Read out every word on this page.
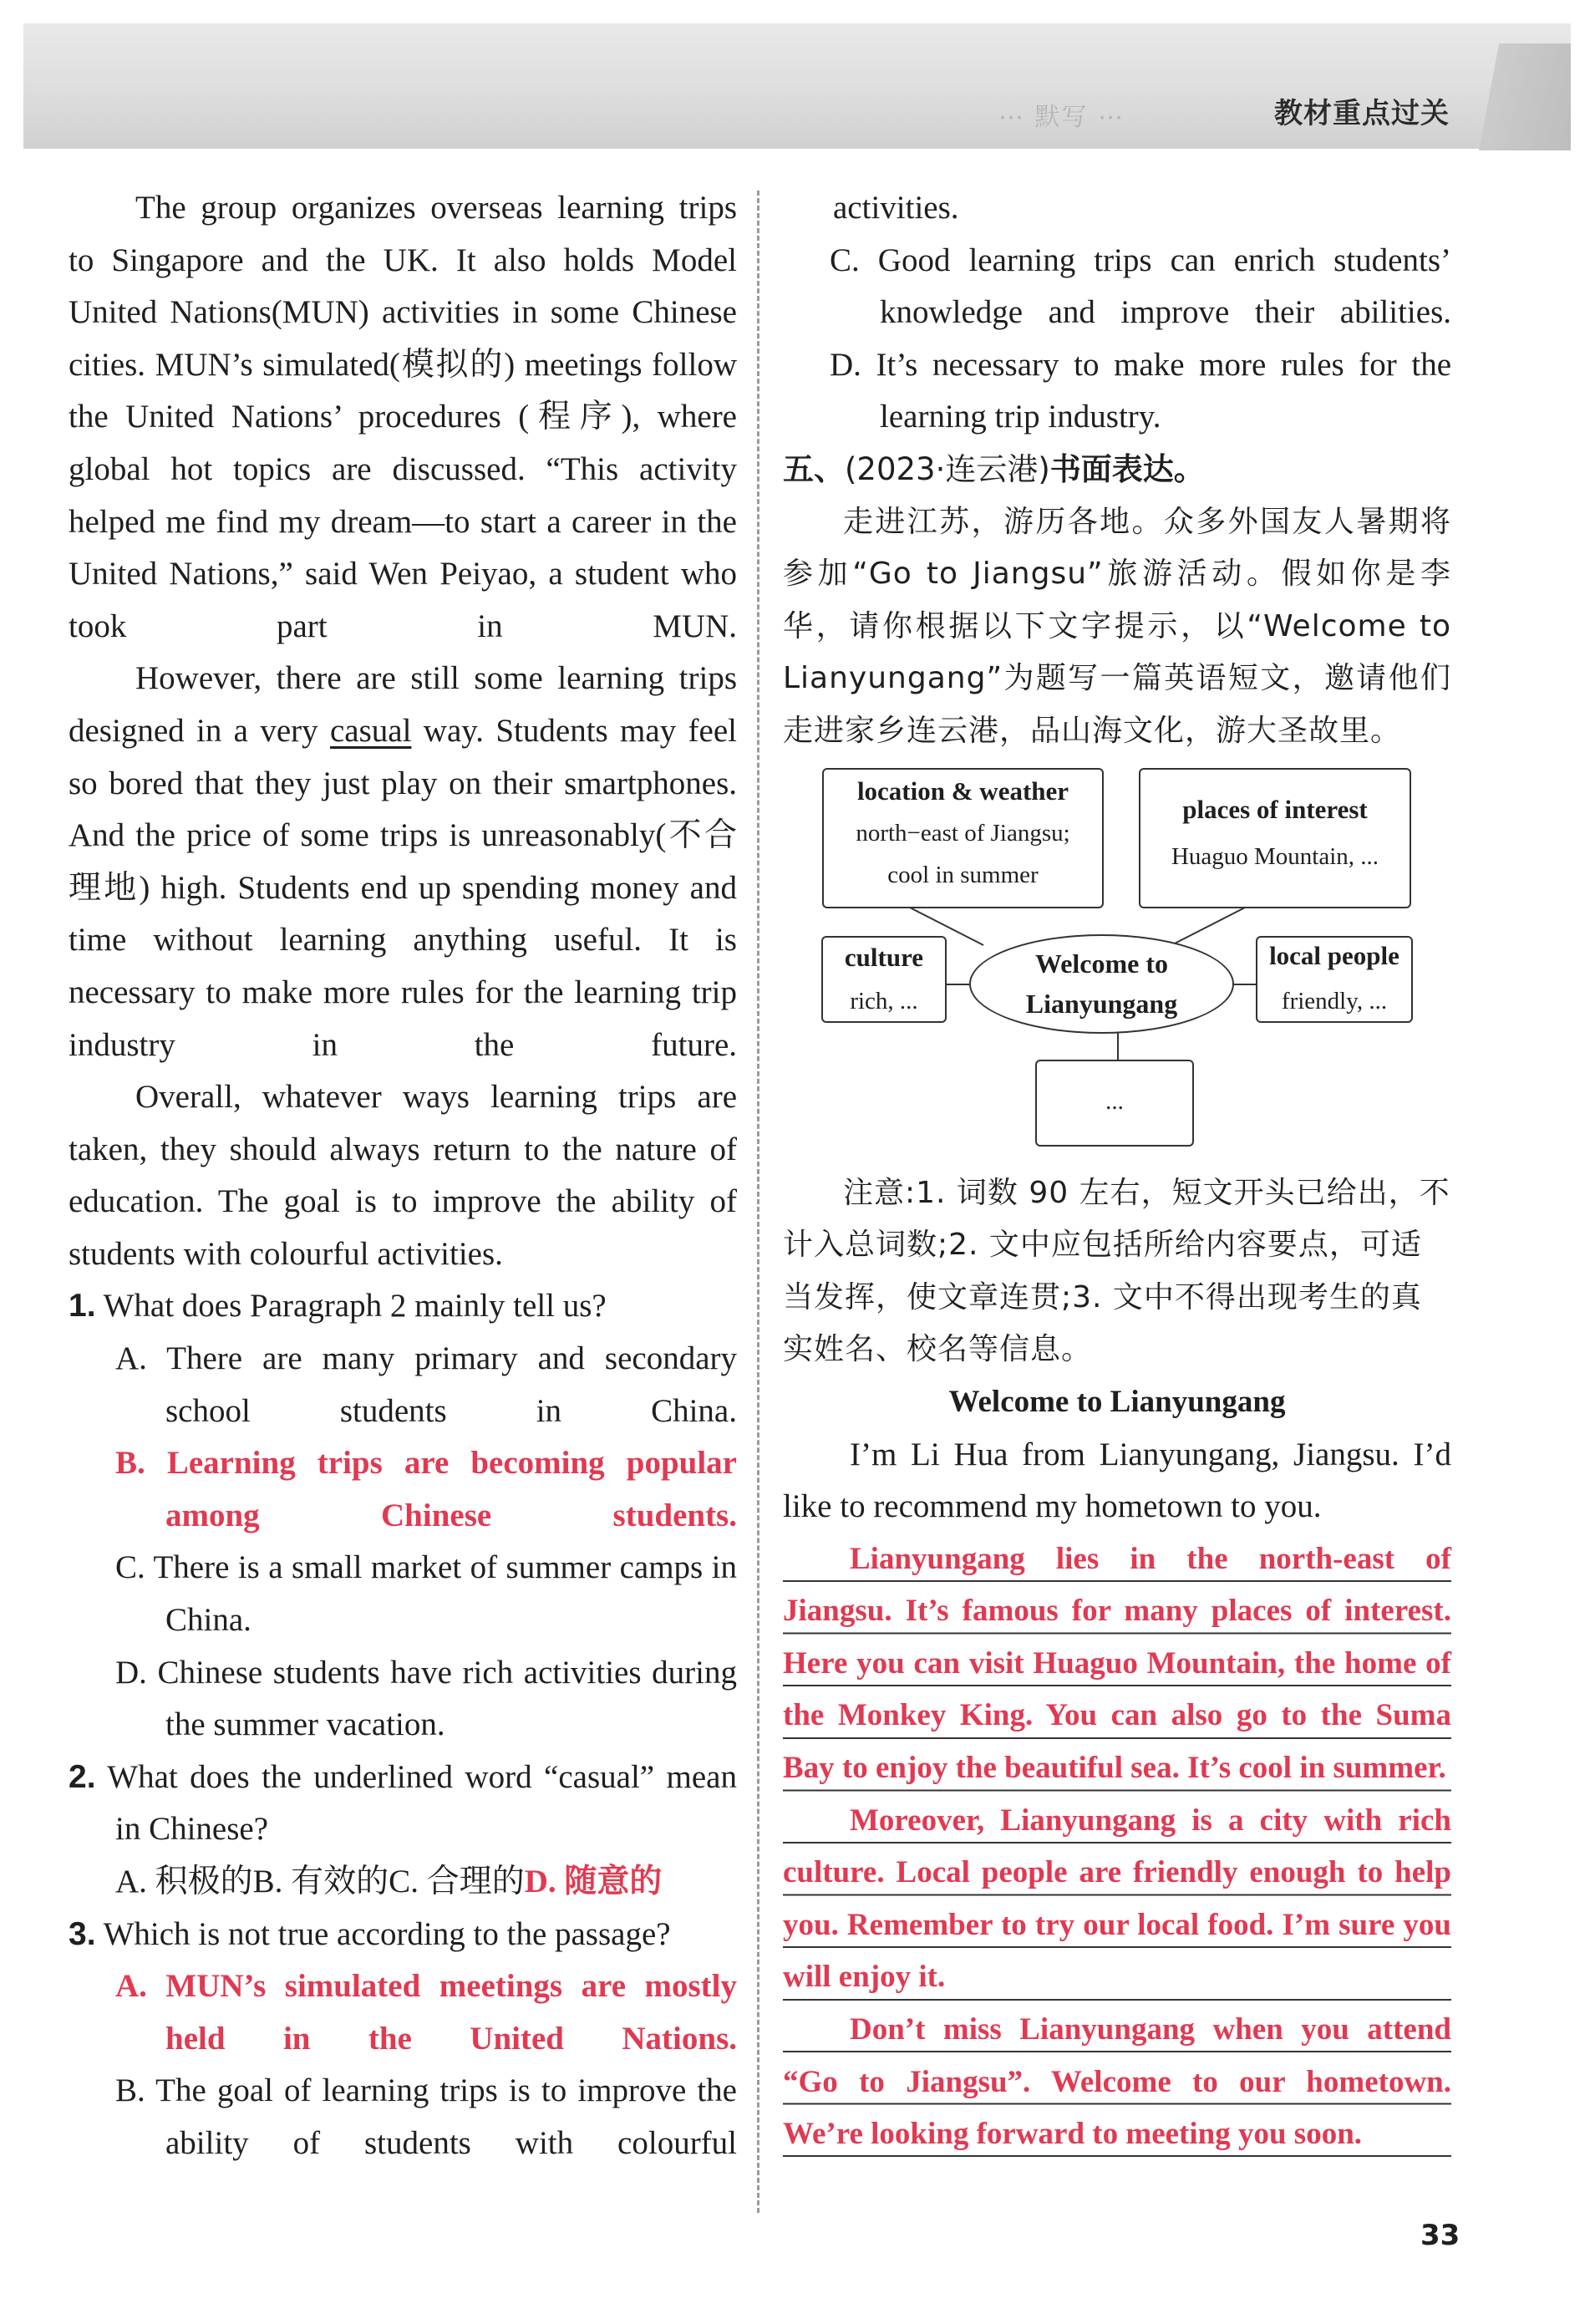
⋯ 默写 ⋯	教材重点过关

The group organizes overseas learning trips to Singapore and the UK. It also holds Model United Nations(MUN) activities in some Chinese cities. MUN’s simulated(模拟的) meetings follow the United Nations’ procedures (程序), where global hot topics are discussed. “This activity helped me find my dream—to start a career in the United Nations,” said Wen Peiyao, a student who took part in MUN.

However, there are still some learning trips designed in a very casual way. Students may feel so bored that they just play on their smartphones. And the price of some trips is unreasonably(不合理地) high. Students end up spending money and time without learning anything useful. It is necessary to make more rules for the learning trip industry in the future.

Overall, whatever ways learning trips are taken, they should always return to the nature of education. The goal is to improve the ability of students with colourful activities.

1. What does Paragraph 2 mainly tell us?

A. There are many primary and secondary school students in China.

B. Learning trips are becoming popular among Chinese students.

C. There is a small market of summer camps in China.

D. Chinese students have rich activities during the summer vacation.

2. What does the underlined word “casual” mean in Chinese?

A. 积极的B. 有效的C. 合理的D. 随意的

3. Which is not true according to the passage?

A. MUN’s simulated meetings are mostly held in the United Nations.

B. The goal of learning trips is to improve the ability of students with colourful

activities.

C. Good learning trips can enrich students’ knowledge and improve their abilities.

D. It’s necessary to make more rules for the learning trip industry.

五、(2023·连云港)书面表达。

走进江苏，游历各地。众多外国友人暑期将参加“Go to Jiangsu”旅游活动。假如你是李华，请你根据以下文字提示，以“Welcome to Lianyungang”为题写一篇英语短文，邀请他们走进家乡连云港，品山海文化，游大圣故里。

location & weather
north−east of Jiangsu;
cool in summer
places of interest
Huaguo Mountain, ...
culture
rich, ...
Welcome to
Lianyungang
local people
friendly, ...
...

注意:1. 词数 90 左右，短文开头已给出，不计入总词数;2. 文中应包括所给内容要点，可适当发挥，使文章连贯;3. 文中不得出现考生的真实姓名、校名等信息。

Welcome to Lianyungang

I’m Li Hua from Lianyungang, Jiangsu. I’d like to recommend my hometown to you.

Lianyungang lies in the north-east of Jiangsu. It’s famous for many places of interest. Here you can visit Huaguo Mountain, the home of the Monkey King. You can also go to the Suma Bay to enjoy the beautiful sea. It’s cool in summer.

Moreover, Lianyungang is a city with rich culture. Local people are friendly enough to help you. Remember to try our local food. I’m sure you will enjoy it.

Don’t miss Lianyungang when you attend “Go to Jiangsu”. Welcome to our hometown. We’re looking forward to meeting you soon.

33
